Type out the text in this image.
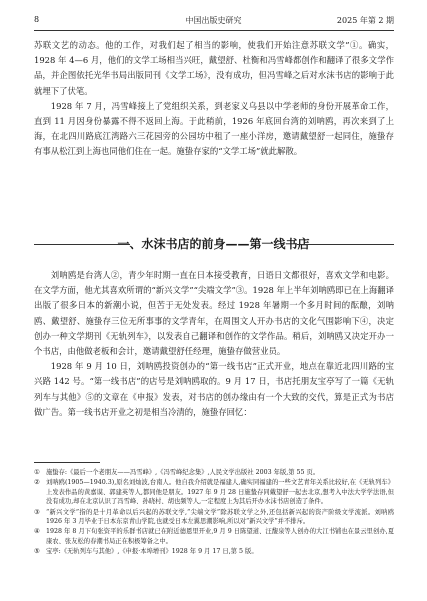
8	中国出版史研究	2025 年第 2 期

苏联文艺的动态。他的工作，对我们起了相当的影响，使我们开始注意苏联文学”①。确实，1928 年 4—6 月，他们的文学工场相当兴旺，戴望舒、杜衡和冯雪峰都创作和翻译了很多文学作品，并企图依托光华书局出版同刊《文学工场》，没有成功，但冯雪峰之后对水沫书店的影响于此就埋下了伏笔。

1928 年 7 月，冯雪峰接上了党组织关系，到老家义乌县以中学老师的身份开展革命工作，直到 11 月因身份暴露不得不返回上海。于此稍前，1926 年底回台湾的刘呐鸥，再次来到了上海，在北四川路底江湾路六三花园旁的公园坊中租了一座小洋房，邀请戴望舒一起同住，施蛰存有事从松江到上海也同他们住在一起。施蛰存家的“文学工场”就此解散。

一、水沫书店的前身——第一线书店

刘呐鸥是台湾人②，青少年时期一直在日本接受教育，日语日文都很好，喜欢文学和电影。在文学方面，他尤其喜欢所谓的“新兴文学”“尖端文学”③。1928 年上半年刘呐鸥即已在上海翻译出版了很多日本的新潮小说，但苦于无处发表。经过 1928 年暑期一个多月时间的酝酿，刘呐鸥、戴望舒、施蛰存三位无所事事的文学青年，在周围文人开办书店的文化气围影响下④，决定创办一种文学期刊《无轨列车》，以发表自己翻译和创作的文学作品。稍后，刘呐鸥又决定开办一个书店，由他做老板和会计，邀请戴望舒任经理，施蛰存做营业员。

1928 年 9 月 10 日，刘呐鸥投资创办的“第一线书店”正式开业，地点在靠近北四川路的宝兴路 142 号。“第一线书店”的店号是刘呐鸥取的。9 月 17 日，书店托朋友宝亭写了一篇《无轨列车与其他》⑤的文章在《申报》发表，对书店的创办缘由有一个大致的交代，算是正式为书店做广告。第一线书店开业之初是相当冷清的，施蛰存回忆：

①	施蛰存:《最后一个老朋友——冯雪峰》,《冯雪峰纪念集》,人民文学出版社 2003 年版,第 55 页。
②	刘呐鸥(1905—1940.3),原名刘灿波,台南人。他自我介绍就是福建人,确实同福建的一些文艺青年关系比较好,在《无轨列车》上发表作品的黄嘉谟、郭建英等人,都同他是朋友。1927 年 9 月 28 日施蛰存同戴望舒一起去北京,想考入中法大学学法语,但没有成功,却在北京认识了冯雪峰、孙晓村、胡也频等人,一定程度上为其后开办水沫书店创造了条件。
③	“新兴文学”指的是十月革命以后兴起的苏联文学,“尖端文学”除苏联文学之外,还包括新兴起的资产阶级文学流派。刘呐鸥 1926 年 3 月毕业于日本东京青山学院,也就受日本左翼思潮影响,所以对“新兴文学”并不排斥。
④	1928 年 8 月下旬张资平的乐群书店就已在附近德恩里开业,9 月 9 日陈望道、汪馥泉等人创办的大江书铺也在景云里创办,夏康农、张友松的春潮书局正在积极筹备之中。
⑤	宝亭:《无轨列车与其他》,《申报·本埠增刊》1928 年 9 月 17 日,第 5 版。
